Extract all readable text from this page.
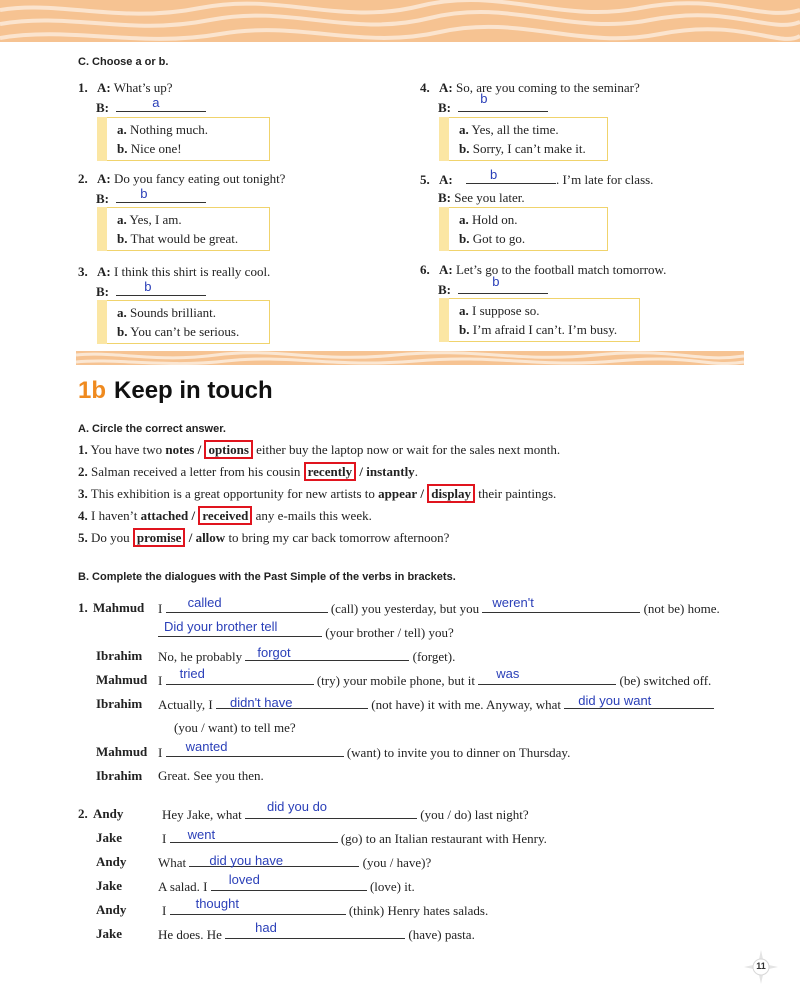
C. Choose a or b.
1. A: What’s up?
B:	a
a. Nothing much.
b. Nice one!
2. A: Do you fancy eating out tonight?
B:	b
a. Yes, I am.
b. That would be great.
3. A: I think this shirt is really cool.
B:	b
a. Sounds brilliant.
b. You can’t be serious.
4. A: So, are you coming to the seminar?
B:
b
a. Yes, all the time.
b. Sorry, I can’t make it.
5. A:	b	. I’m late for class.
B: See you later.
a. Hold on.
b. Got to go.
6. A: Let’s go to the football match tomorrow.
B:
b
a. I suppose so.
b. I’m afraid I can’t. I’m busy.
1b Keep in touch
A. Circle the correct answer.
1. You have two notes / options either buy the laptop now or wait for the sales next month.
2. Salman received a letter from his cousin recently / instantly.
3. This exhibition is a great opportunity for new artists to appear / display their paintings.
4. I haven’t attached / received any e-mails this week.
5. Do you promise / allow to bring my car back tomorrow afternoon?
B. Complete the dialogues with the Past Simple of the verbs in brackets.
1. Mahmud I	called	(call) you yesterday, but you	weren't	(not be) home.
Did your brother tell	(your brother / tell) you?
Ibrahim No, he probably	forgot	(forget).
Mahmud I	tried	(try) your mobile phone, but it	was	(be) switched off.
Ibrahim Actually, I	didn't have	(not have) it with me. Anyway, what	did you want
(you / want) to tell me?
Mahmud I	wanted	(want) to invite you to dinner on Thursday.
Ibrahim Great. See you then.
2. Andy	Hey Jake, what
did you do
(you / do) last night?
Jake	I	went	(go) to an Italian restaurant with Henry.
Andy What	did you have	(you / have)?
Jake	A salad. I	loved	(love) it.
Andy	I	thought	(think) Henry hates salads.
Jake	He does. He	had	(have) pasta.
11
